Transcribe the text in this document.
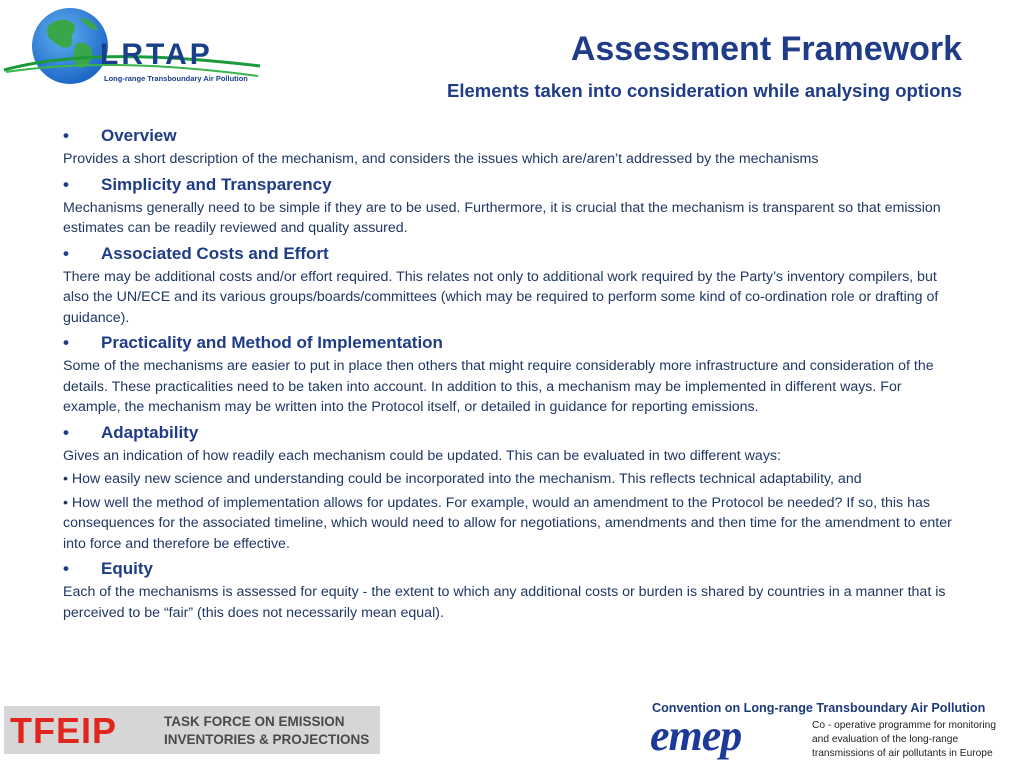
LRTAP
Long-range Transboundary Air Pollution
Assessment Framework
Elements taken into consideration while analysing options
•	Overview
Provides a short description of the mechanism, and considers the issues which are/aren’t addressed by the mechanisms
•	Simplicity and Transparency
Mechanisms generally need to be simple if they are to be used. Furthermore, it is crucial that the mechanism is transparent so that emission estimates can be readily reviewed and quality assured.
•	Associated Costs and Effort
There may be additional costs and/or effort required. This relates not only to additional work required by the Party’s inventory compilers, but also the UN/ECE and its various groups/boards/committees (which may be required to perform some kind of co-ordination role or drafting of guidance).
•	Practicality and Method of Implementation
Some of the mechanisms are easier to put in place then others that might require considerably more infrastructure and consideration of the details. These practicalities need to be taken into account. In addition to this, a mechanism may be implemented in different ways. For example, the mechanism may be written into the Protocol itself, or detailed in guidance for reporting emissions.
•	Adaptability
Gives an indication of how readily each mechanism could be updated. This can be evaluated in two different ways:
• How easily new science and understanding could be incorporated into the mechanism. This reflects technical adaptability, and
• How well the method of implementation allows for updates. For example, would an amendment to the Protocol be needed? If so, this has consequences for the associated timeline, which would need to allow for negotiations, amendments and then time for the amendment to enter into force and therefore be effective.
•	Equity
Each of the mechanisms is assessed for equity - the extent to which any additional costs or burden is shared by countries in a manner that is perceived to be “fair” (this does not necessarily mean equal).
TFEIP	TASK FORCE ON EMISSION
INVENTORIES & PROJECTIONS
Convention on Long-range Transboundary Air Pollution
emep	Co - operative programme for monitoring
and evaluation of the long-range
transmissions of air pollutants in Europe
